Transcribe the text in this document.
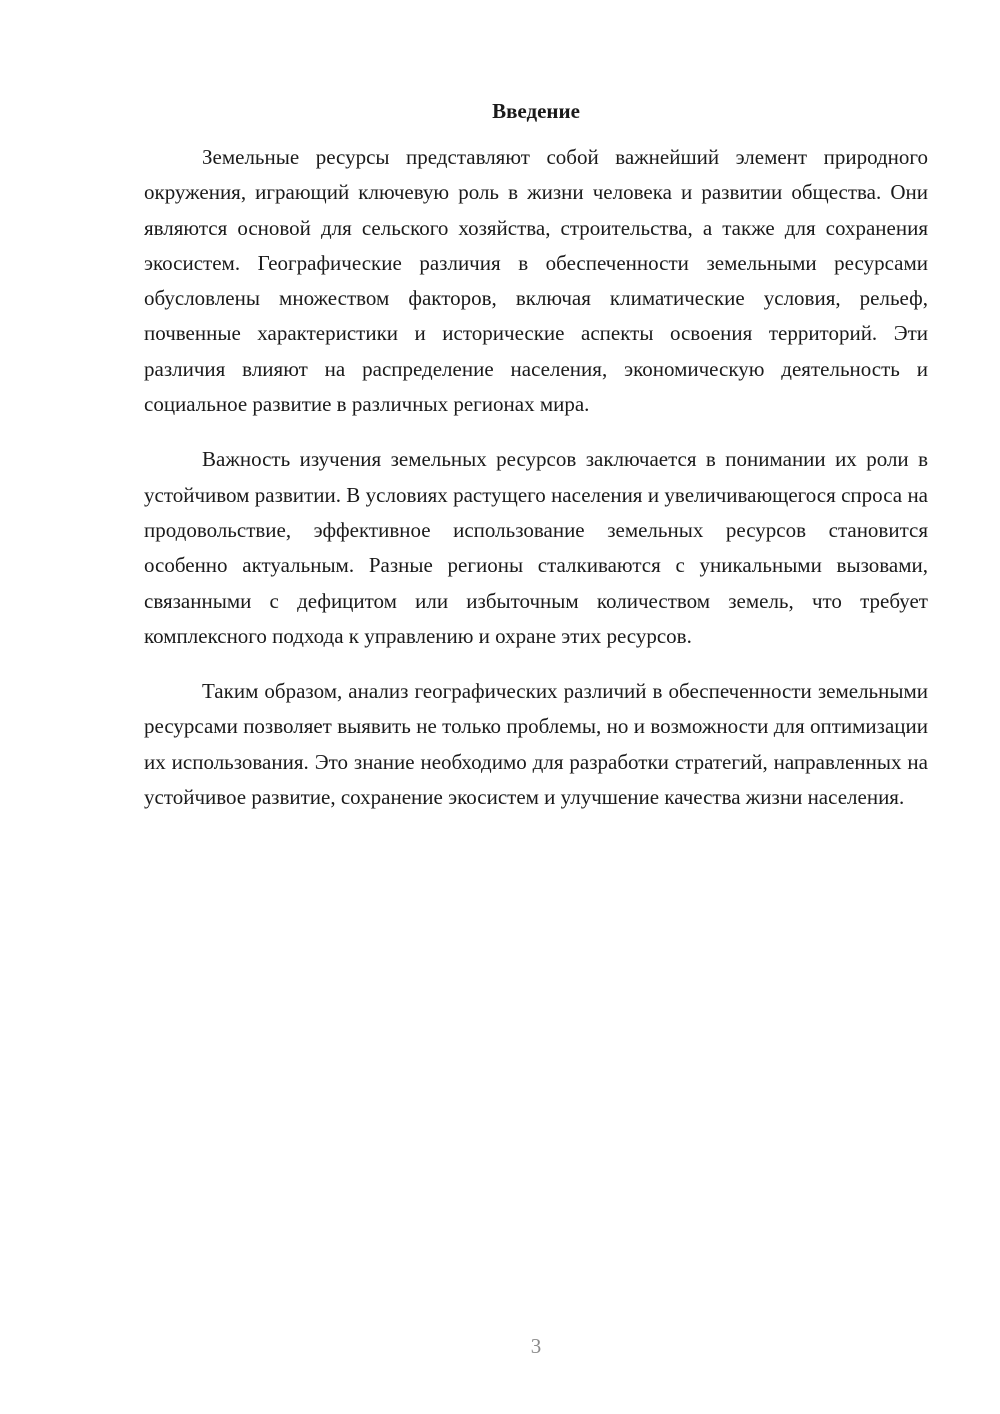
Введение

Земельные ресурсы представляют собой важнейший элемент природного окружения, играющий ключевую роль в жизни человека и развитии общества. Они являются основой для сельского хозяйства, строительства, а также для сохранения экосистем. Географические различия в обеспеченности земельными ресурсами обусловлены множеством факторов, включая климатические условия, рельеф, почвенные характеристики и исторические аспекты освоения территорий. Эти различия влияют на распределение населения, экономическую деятельность и социальное развитие в различных регионах мира.

Важность изучения земельных ресурсов заключается в понимании их роли в устойчивом развитии. В условиях растущего населения и увеличивающегося спроса на продовольствие, эффективное использование земельных ресурсов становится особенно актуальным. Разные регионы сталкиваются с уникальными вызовами, связанными с дефицитом или избыточным количеством земель, что требует комплексного подхода к управлению и охране этих ресурсов.

Таким образом, анализ географических различий в обеспеченности земельными ресурсами позволяет выявить не только проблемы, но и возможности для оптимизации их использования. Это знание необходимо для разработки стратегий, направленных на устойчивое развитие, сохранение экосистем и улучшение качества жизни населения.

3
